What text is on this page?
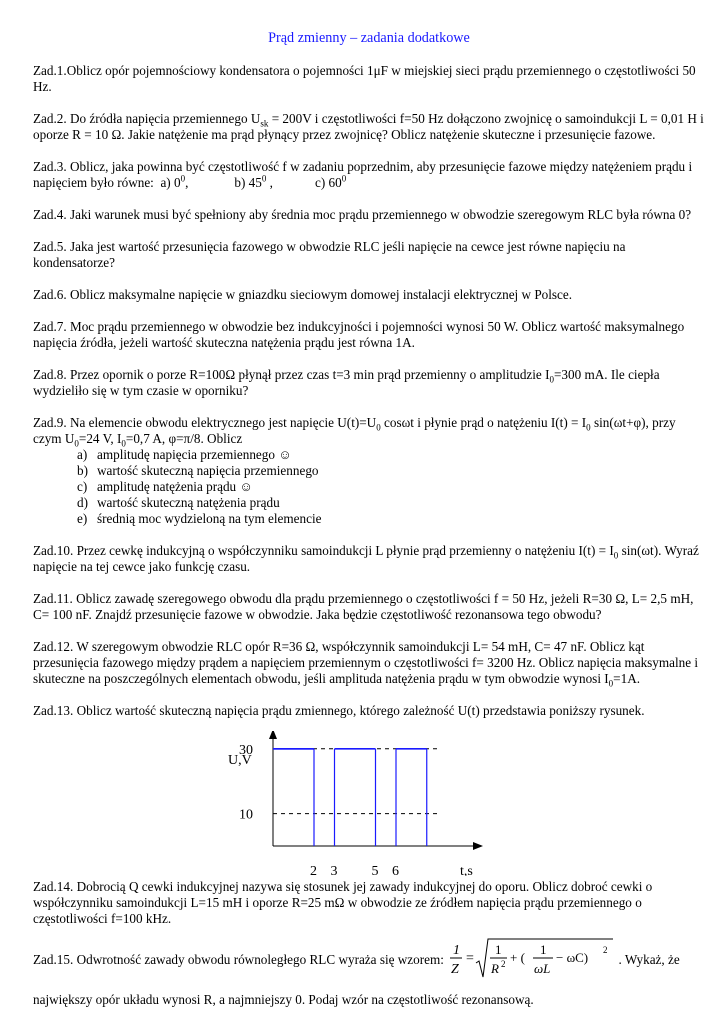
Prąd zmienny – zadania dodatkowe
Zad.1.Oblicz opór pojemnościowy kondensatora o pojemności 1μF w miejskiej sieci prądu przemiennego o częstotliwości 50 Hz.
Zad.2. Do źródła napięcia przemiennego $U_{sk} = 200V$ i częstotliwości f=50 Hz dołączono zwojnicę o samoindukcji L = 0,01 H i oporze R = 10 Ω. Jakie natężenie ma prąd płynący przez zwojnicę? Oblicz natężenie skuteczne i przesunięcie fazowe.
Zad.3. Oblicz, jaka powinna być częstotliwość f w zadaniu poprzednim, aby przesunięcie fazowe między natężeniem prądu i napięciem było równe: a) $0^0$,	b) $45^0$ ,	c) $60^0$
Zad.4. Jaki warunek musi być spełniony aby średnia moc prądu przemiennego w obwodzie szeregowym RLC była równa 0?
Zad.5. Jaka jest wartość przesunięcia fazowego w obwodzie RLC jeśli napięcie na cewce jest równe napięciu na kondensatorze?
Zad.6. Oblicz maksymalne napięcie w gniazdku sieciowym domowej instalacji elektrycznej w Polsce.
Zad.7. Moc prądu przemiennego w obwodzie bez indukcyjności i pojemności wynosi 50 W. Oblicz wartość maksymalnego napięcia źródła, jeżeli wartość skuteczna natężenia prądu jest równa 1A.
Zad.8. Przez opornik o porze R=100Ω płynął przez czas t=3 min prąd przemienny o amplitudzie $I_0=300$ mA. Ile ciepła wydzieliło się w tym czasie w oporniku?
Zad.9. Na elemencie obwodu elektrycznego jest napięcie $U(t)=U_0$ cosωt i płynie prąd o natężeniu $I(t) = I_0$ sin(ωt+φ), przy czym $U_0=24$ V, $I_0=0,7$ A, φ=π/8. Oblicz
a) amplitudę napięcia przemiennego ☺
b) wartość skuteczną napięcia przemiennego
c) amplitudę natężenia prądu ☺
d) wartość skuteczną natężenia prądu
e) średnią moc wydzieloną na tym elemencie
Zad.10. Przez cewkę indukcyjną o współczynniku samoindukcji L płynie prąd przemienny o natężeniu $I(t) = I_0$ sin(ωt). Wyraź napięcie na tej cewce jako funkcję czasu.
Zad.11. Oblicz zawadę szeregowego obwodu dla prądu przemiennego o częstotliwości f = 50 Hz, jeżeli R=30 Ω, L= 2,5 mH, C= 100 nF. Znajdź przesunięcie fazowe w obwodzie. Jaka będzie częstotliwość rezonansowa tego obwodu?
Zad.12. W szeregowym obwodzie RLC opór R=36 Ω, współczynnik samoindukcji L= 54 mH, C= 47 nF. Oblicz kąt przesunięcia fazowego między prądem a napięciem przemiennym o częstotliwości f= 3200 Hz. Oblicz napięcia maksymalne i skuteczne na poszczególnych elementach obwodu, jeśli amplituda natężenia prądu w tym obwodzie wynosi $I_0=1A$.
Zad.13. Oblicz wartość skuteczną napięcia prądu zmiennego, którego zależność U(t) przedstawia poniższy rysunek.
U,V
t,s
30
10
2 3 5 6
Zad.14. Dobrocią Q cewki indukcyjnej nazywa się stosunek jej zawady indukcyjnej do oporu. Oblicz dobroć cewki o współczynniku samoindukcji L=15 mH i oporze R=25 mΩ w obwodzie ze źródłem napięcia prądu przemiennego o częstotliwości f=100 kHz.
Zad.15. Odwrotność zawady obwodu równoległego RLC wyraża się wzorem:
1
Z
=
1
R 2 + (
1
ωL
− ωC) 2
. Wykaż, że
największy opór układu wynosi R, a najmniejszy 0. Podaj wzór na częstotliwość rezonansową.
